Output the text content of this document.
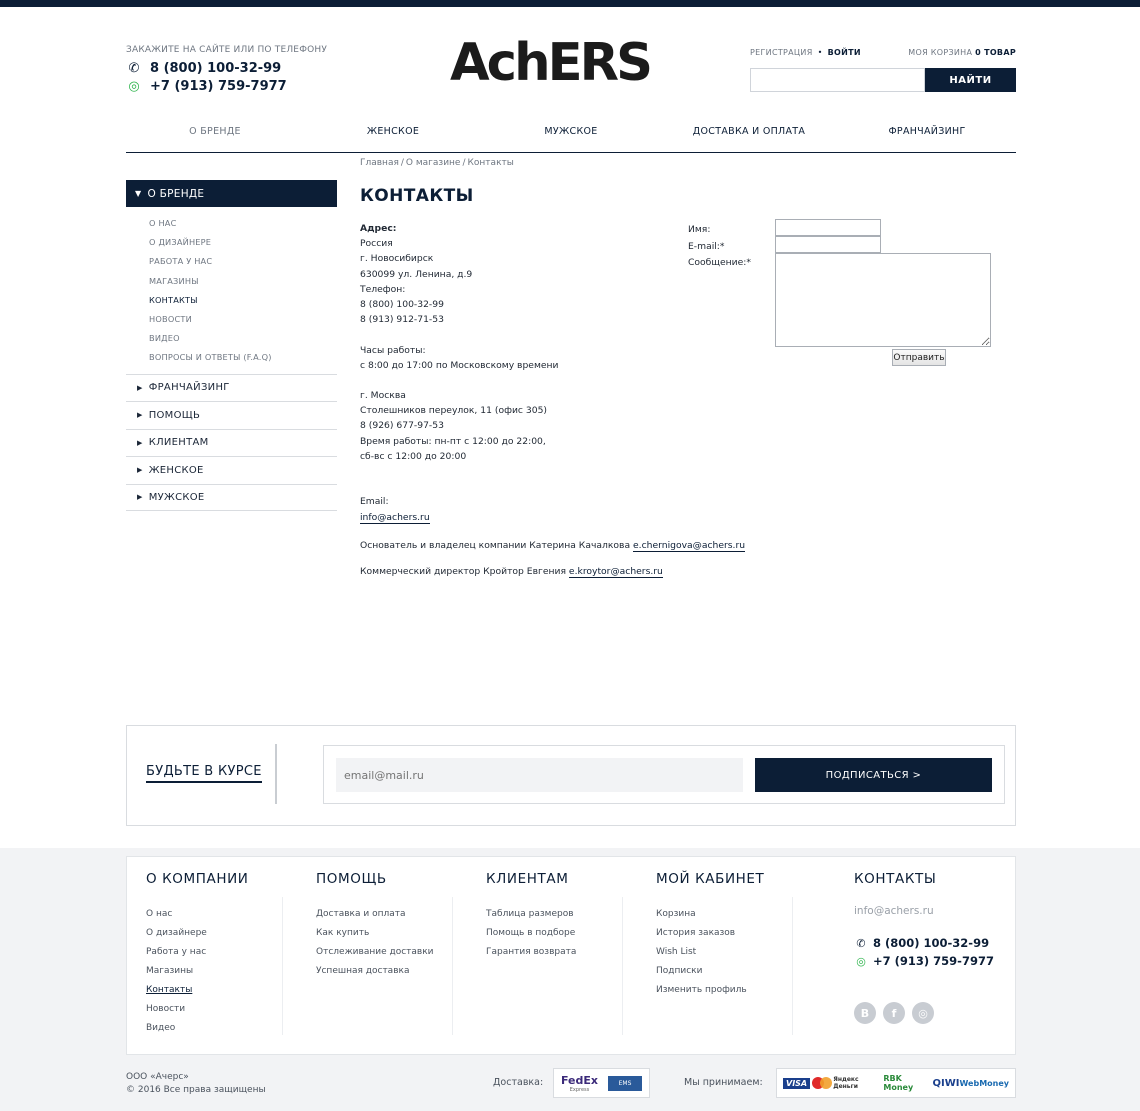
ЗАКАЖИТЕ НА САЙТЕ ИЛИ ПО ТЕЛЕФОНУ
✆ 8 (800) 100-32-99
◎ +7 (913) 759-7977	AchERS	РЕГИСТРАЦИЯ • ВОЙТИ	МОЯ КОРЗИНА 0 ТОВАР
НАЙТИ
О БРЕНДЕ	ЖЕНСКОЕ	МУЖСКОЕ	ДОСТАВКА И ОПЛАТА	ФРАНЧАЙЗИНГ
Главная / О магазине / Контакты
▼ О БРЕНДЕ
О НАС
О ДИЗАЙНЕРЕ
РАБОТА У НАС
МАГАЗИНЫ
КОНТАКТЫ
НОВОСТИ
ВИДЕО
ВОПРОСЫ И ОТВЕТЫ (F.A.Q)
▶ ФРАНЧАЙЗИНГ
▶ ПОМОЩЬ
▶ КЛИЕНТАМ
▶ ЖЕНСКОЕ
▶ МУЖСКОЕ
КОНТАКТЫ
Адрес:
Россия
г. Новосибирск
630099 ул. Ленина, д.9
Телефон:
8 (800) 100-32-99
8 (913) 912-71-53
Часы работы:
с 8:00 до 17:00 по Московскому времени
г. Москва
Столешников переулок, 11 (офис 305)
8 (926) 677-97-53
Время работы: пн-пт с 12:00 до 22:00,
сб-вс с 12:00 до 20:00
Email:
info@achers.ru
Основатель и владелец компании Катерина Качалкова e.chernigova@achers.ru
Коммерческий директор Кройтор Евгения e.kroytor@achers.ru
Имя:
E-mail:*
Сообщение:*
Отправить
БУДЬТЕ В КУРСЕ
email@mail.ru	ПОДПИСАТЬСЯ >
О КОМПАНИИ
О нас
О дизайнере
Работа у нас
Магазины
Контакты
Новости
Видео
ПОМОЩЬ
Доставка и оплата
Как купить
Отслеживание доставки
Успешная доставка
КЛИЕНТАМ
Таблица размеров
Помощь в подборе
Гарантия возврата
МОЙ КАБИНЕТ
Корзина
История заказов
Wish List
Подписки
Изменить профиль
КОНТАКТЫ
info@achers.ru
✆ 8 (800) 100-32-99
◎ +7 (913) 759-7977
В	f	◎
ООО «Ачерс»
© 2016 Все права защищены
Доставка: FedEx
Express
EMS	Мы принимаем:	VISA	Яндекс Деньги
RBK Money	QIWI WebMoney
